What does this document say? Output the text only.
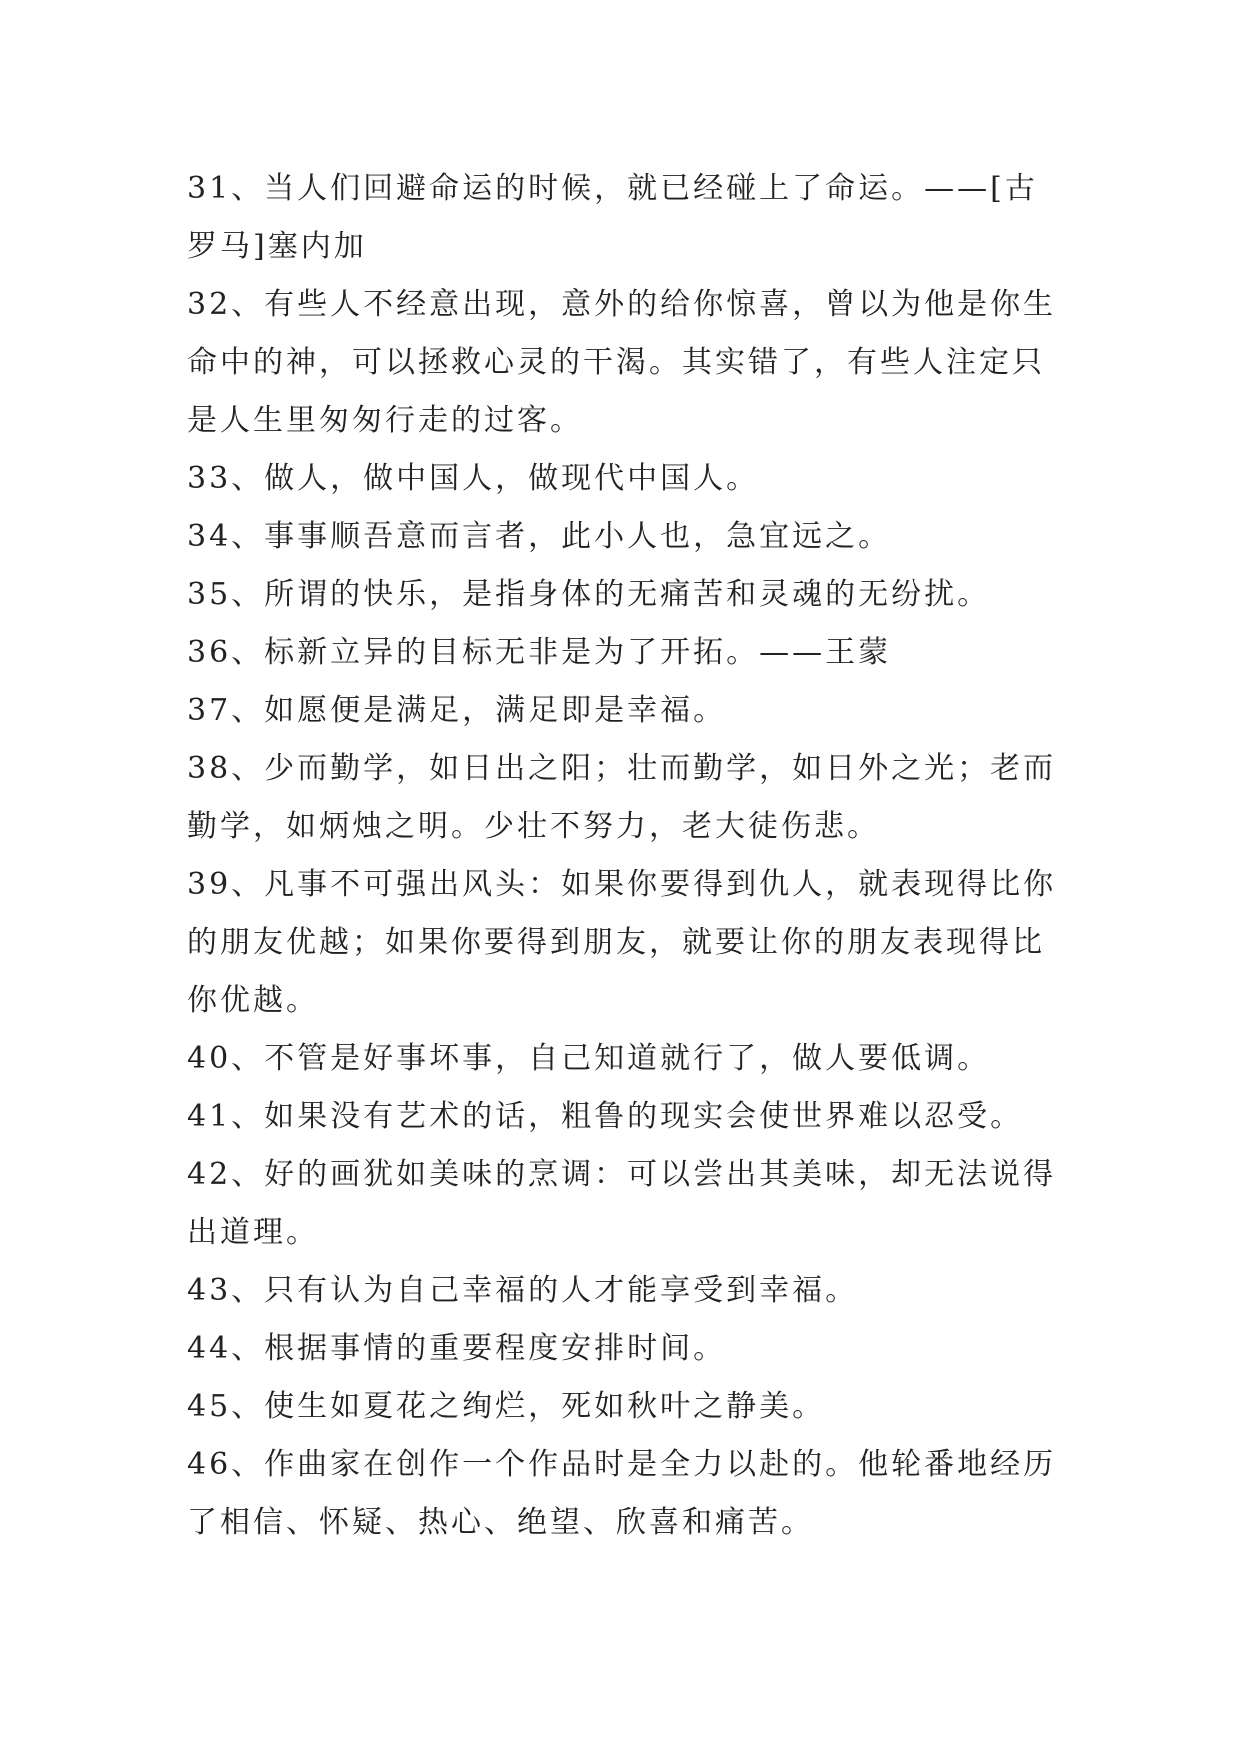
31、当人们回避命运的时候，就已经碰上了命运。——[古罗马]塞内加

32、有些人不经意出现，意外的给你惊喜，曾以为他是你生命中的神，可以拯救心灵的干渴。其实错了，有些人注定只是人生里匆匆行走的过客。

33、做人，做中国人，做现代中国人。

34、事事顺吾意而言者，此小人也，急宜远之。

35、所谓的快乐，是指身体的无痛苦和灵魂的无纷扰。

36、标新立异的目标无非是为了开拓。——王蒙

37、如愿便是满足，满足即是幸福。

38、少而勤学，如日出之阳；壮而勤学，如日外之光；老而勤学，如炳烛之明。少壮不努力，老大徒伤悲。

39、凡事不可强出风头：如果你要得到仇人，就表现得比你的朋友优越；如果你要得到朋友，就要让你的朋友表现得比你优越。

40、不管是好事坏事，自己知道就行了，做人要低调。

41、如果没有艺术的话，粗鲁的现实会使世界难以忍受。

42、好的画犹如美味的烹调：可以尝出其美味，却无法说得出道理。

43、只有认为自己幸福的人才能享受到幸福。

44、根据事情的重要程度安排时间。

45、使生如夏花之绚烂，死如秋叶之静美。

46、作曲家在创作一个作品时是全力以赴的。他轮番地经历了相信、怀疑、热心、绝望、欣喜和痛苦。
